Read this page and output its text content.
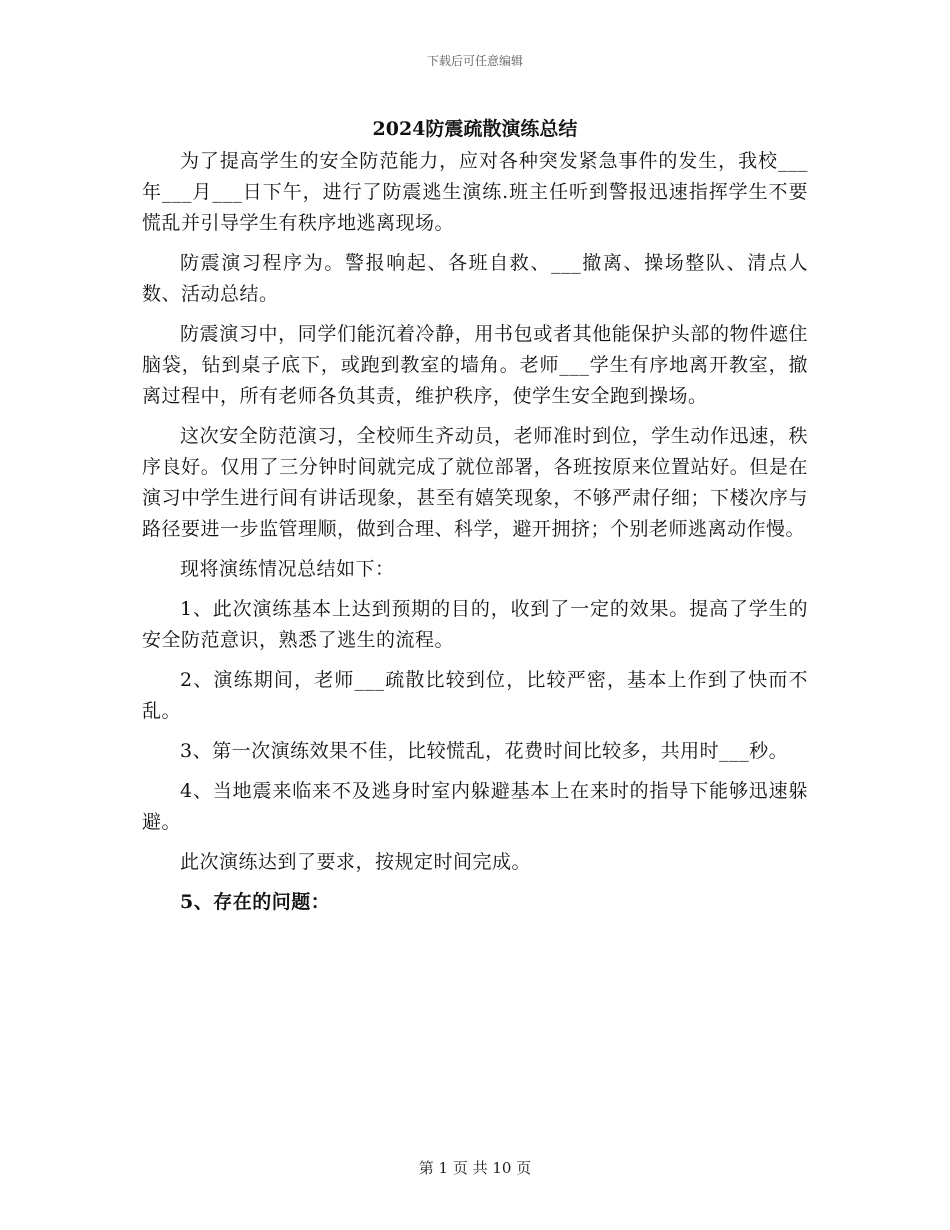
下载后可任意编辑
2024防震疏散演练总结

为了提高学生的安全防范能力，应对各种突发紧急事件的发生，我校___年___月___日下午，进行了防震逃生演练.班主任听到警报迅速指挥学生不要慌乱并引导学生有秩序地逃离现场。

防震演习程序为。警报响起、各班自救、___撤离、操场整队、清点人数、活动总结。

防震演习中，同学们能沉着冷静，用书包或者其他能保护头部的物件遮住脑袋，钻到桌子底下，或跑到教室的墙角。老师___学生有序地离开教室，撤离过程中，所有老师各负其责，维护秩序，使学生安全跑到操场。

这次安全防范演习，全校师生齐动员，老师准时到位，学生动作迅速，秩序良好。仅用了三分钟时间就完成了就位部署，各班按原来位置站好。但是在演习中学生进行间有讲话现象，甚至有嬉笑现象，不够严肃仔细；下楼次序与路径要进一步监管理顺，做到合理、科学，避开拥挤；个别老师逃离动作慢。

现将演练情况总结如下：

1、此次演练基本上达到预期的目的，收到了一定的效果。提高了学生的安全防范意识，熟悉了逃生的流程。

2、演练期间，老师___疏散比较到位，比较严密，基本上作到了快而不乱。

3、第一次演练效果不佳，比较慌乱，花费时间比较多，共用时___秒。

4、当地震来临来不及逃身时室内躲避基本上在来时的指导下能够迅速躲避。

此次演练达到了要求，按规定时间完成。

5、存在的问题：

第 1 页 共 10 页
